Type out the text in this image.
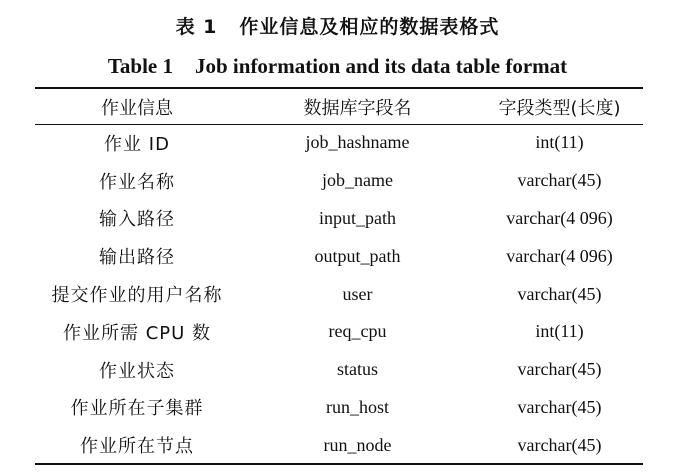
表 1 作业信息及相应的数据表格式
Table 1 Job information and its data table format
作业信息	数据库字段名	字段类型(长度)
作业 ID	job_hashname	int(11)
作业名称	job_name	varchar(45)
输入路径	input_path	varchar(4 096)
输出路径	output_path	varchar(4 096)
提交作业的用户名称	user	varchar(45)
作业所需 CPU 数	req_cpu	int(11)
作业状态	status	varchar(45)
作业所在子集群	run_host	varchar(45)
作业所在节点	run_node	varchar(45)
